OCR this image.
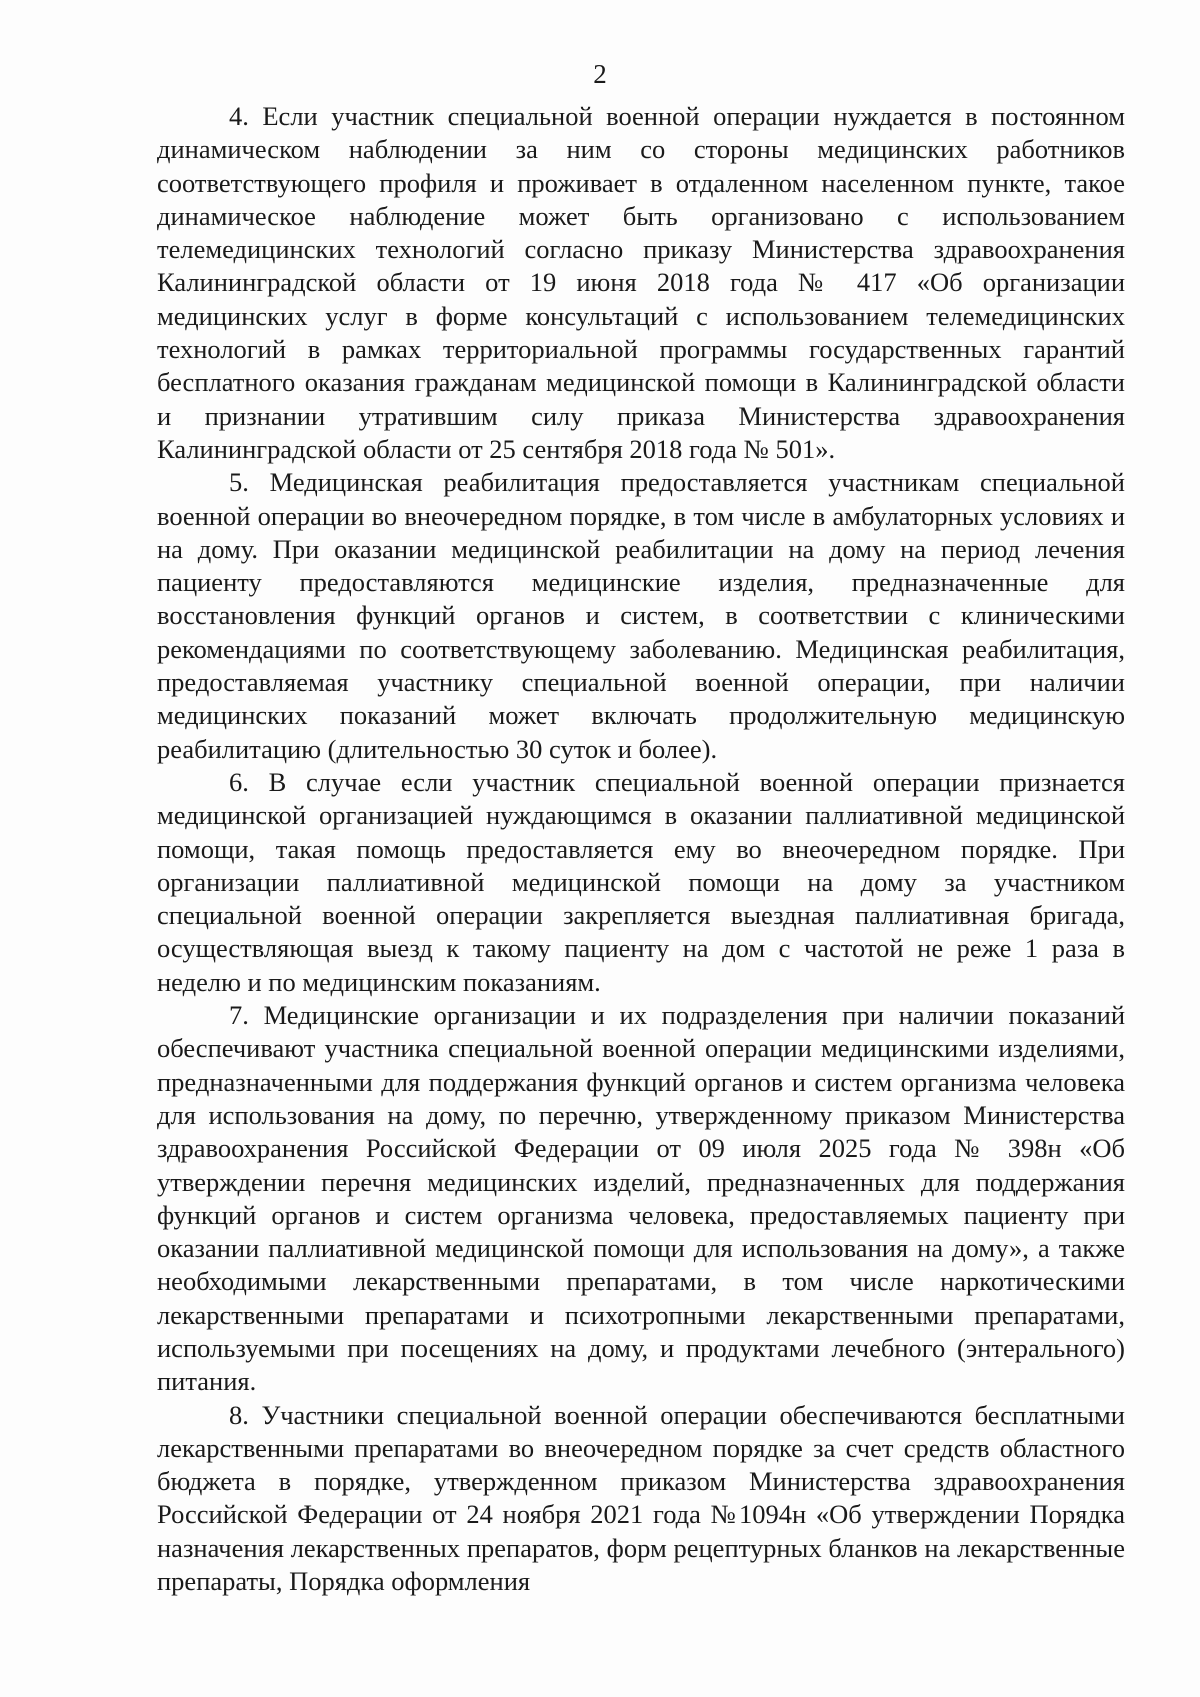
2

4. Если участник специальной военной операции нуждается в постоянном динамическом наблюдении за ним со стороны медицинских работников соответствующего профиля и проживает в отдаленном населенном пункте, такое динамическое наблюдение может быть организовано с использованием телемедицинских технологий согласно приказу Министерства здравоохранения Калининградской области от 19 июня 2018 года № 417 «Об организации медицинских услуг в форме консультаций с использованием телемедицинских технологий в рамках территориальной программы государственных гарантий бесплатного оказания гражданам медицинской помощи в Калининградской области и признании утратившим силу приказа Министерства здравоохранения Калининградской области от 25 сентября 2018 года № 501».

5. Медицинская реабилитация предоставляется участникам специальной военной операции во внеочередном порядке, в том числе в амбулаторных условиях и на дому. При оказании медицинской реабилитации на дому на период лечения пациенту предоставляются медицинские изделия, предназначенные для восстановления функций органов и систем, в соответствии с клиническими рекомендациями по соответствующему заболеванию. Медицинская реабилитация, предоставляемая участнику специальной военной операции, при наличии медицинских показаний может включать продолжительную медицинскую реабилитацию (длительностью 30 суток и более).

6. В случае если участник специальной военной операции признается медицинской организацией нуждающимся в оказании паллиативной медицинской помощи, такая помощь предоставляется ему во внеочередном порядке. При организации паллиативной медицинской помощи на дому за участником специальной военной операции закрепляется выездная паллиативная бригада, осуществляющая выезд к такому пациенту на дом с частотой не реже 1 раза в неделю и по медицинским показаниям.

7. Медицинские организации и их подразделения при наличии показаний обеспечивают участника специальной военной операции медицинскими изделиями, предназначенными для поддержания функций органов и систем организма человека для использования на дому, по перечню, утвержденному приказом Министерства здравоохранения Российской Федерации от 09 июля 2025 года № 398н «Об утверждении перечня медицинских изделий, предназначенных для поддержания функций органов и систем организма человека, предоставляемых пациенту при оказании паллиативной медицинской помощи для использования на дому», а также необходимыми лекарственными препаратами, в том числе наркотическими лекарственными препаратами и психотропными лекарственными препаратами, используемыми при посещениях на дому, и продуктами лечебного (энтерального) питания.

8. Участники специальной военной операции обеспечиваются бесплатными лекарственными препаратами во внеочередном порядке за счет средств областного бюджета в порядке, утвержденном приказом Министерства здравоохранения Российской Федерации от 24 ноября 2021 года №1094н «Об утверждении Порядка назначения лекарственных препаратов, форм рецептурных бланков на лекарственные препараты, Порядка оформления
